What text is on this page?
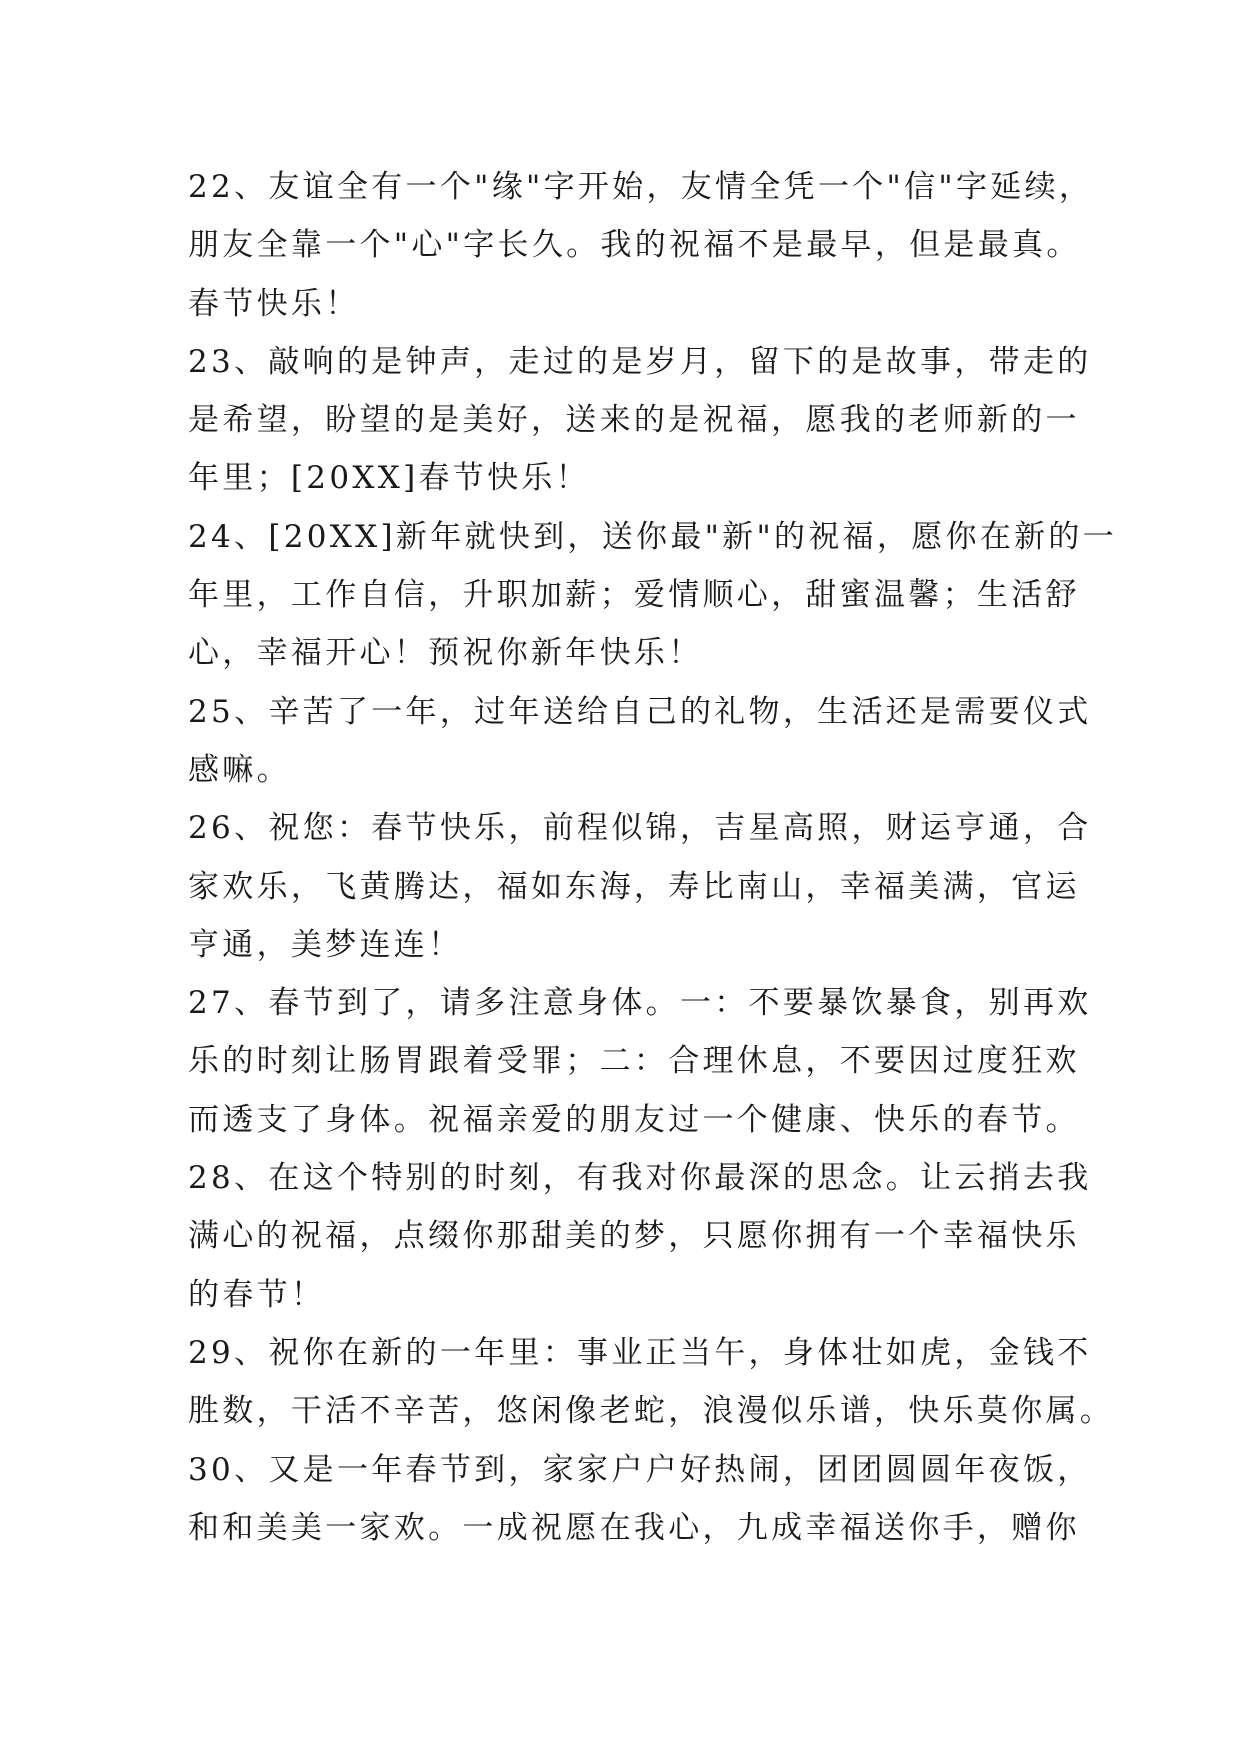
22、友谊全有一个"缘"字开始，友情全凭一个"信"字延续，
朋友全靠一个"心"字长久。我的祝福不是最早，但是最真。
春节快乐！
23、敲响的是钟声，走过的是岁月，留下的是故事，带走的
是希望，盼望的是美好，送来的是祝福，愿我的老师新的一
年里；[20XX]春节快乐！
24、[20XX]新年就快到，送你最"新"的祝福，愿你在新的一
年里，工作自信，升职加薪；爱情顺心，甜蜜温馨；生活舒
心，幸福开心！预祝你新年快乐！
25、辛苦了一年，过年送给自己的礼物，生活还是需要仪式
感嘛。
26、祝您：春节快乐，前程似锦，吉星高照，财运亨通，合
家欢乐，飞黄腾达，福如东海，寿比南山，幸福美满，官运
亨通，美梦连连！
27、春节到了，请多注意身体。一：不要暴饮暴食，别再欢
乐的时刻让肠胃跟着受罪；二：合理休息，不要因过度狂欢
而透支了身体。祝福亲爱的朋友过一个健康、快乐的春节。
28、在这个特别的时刻，有我对你最深的思念。让云捎去我
满心的祝福，点缀你那甜美的梦，只愿你拥有一个幸福快乐
的春节！
29、祝你在新的一年里：事业正当午，身体壮如虎，金钱不
胜数，干活不辛苦，悠闲像老蛇，浪漫似乐谱，快乐莫你属。
30、又是一年春节到，家家户户好热闹，团团圆圆年夜饭，
和和美美一家欢。一成祝愿在我心，九成幸福送你手，赠你
